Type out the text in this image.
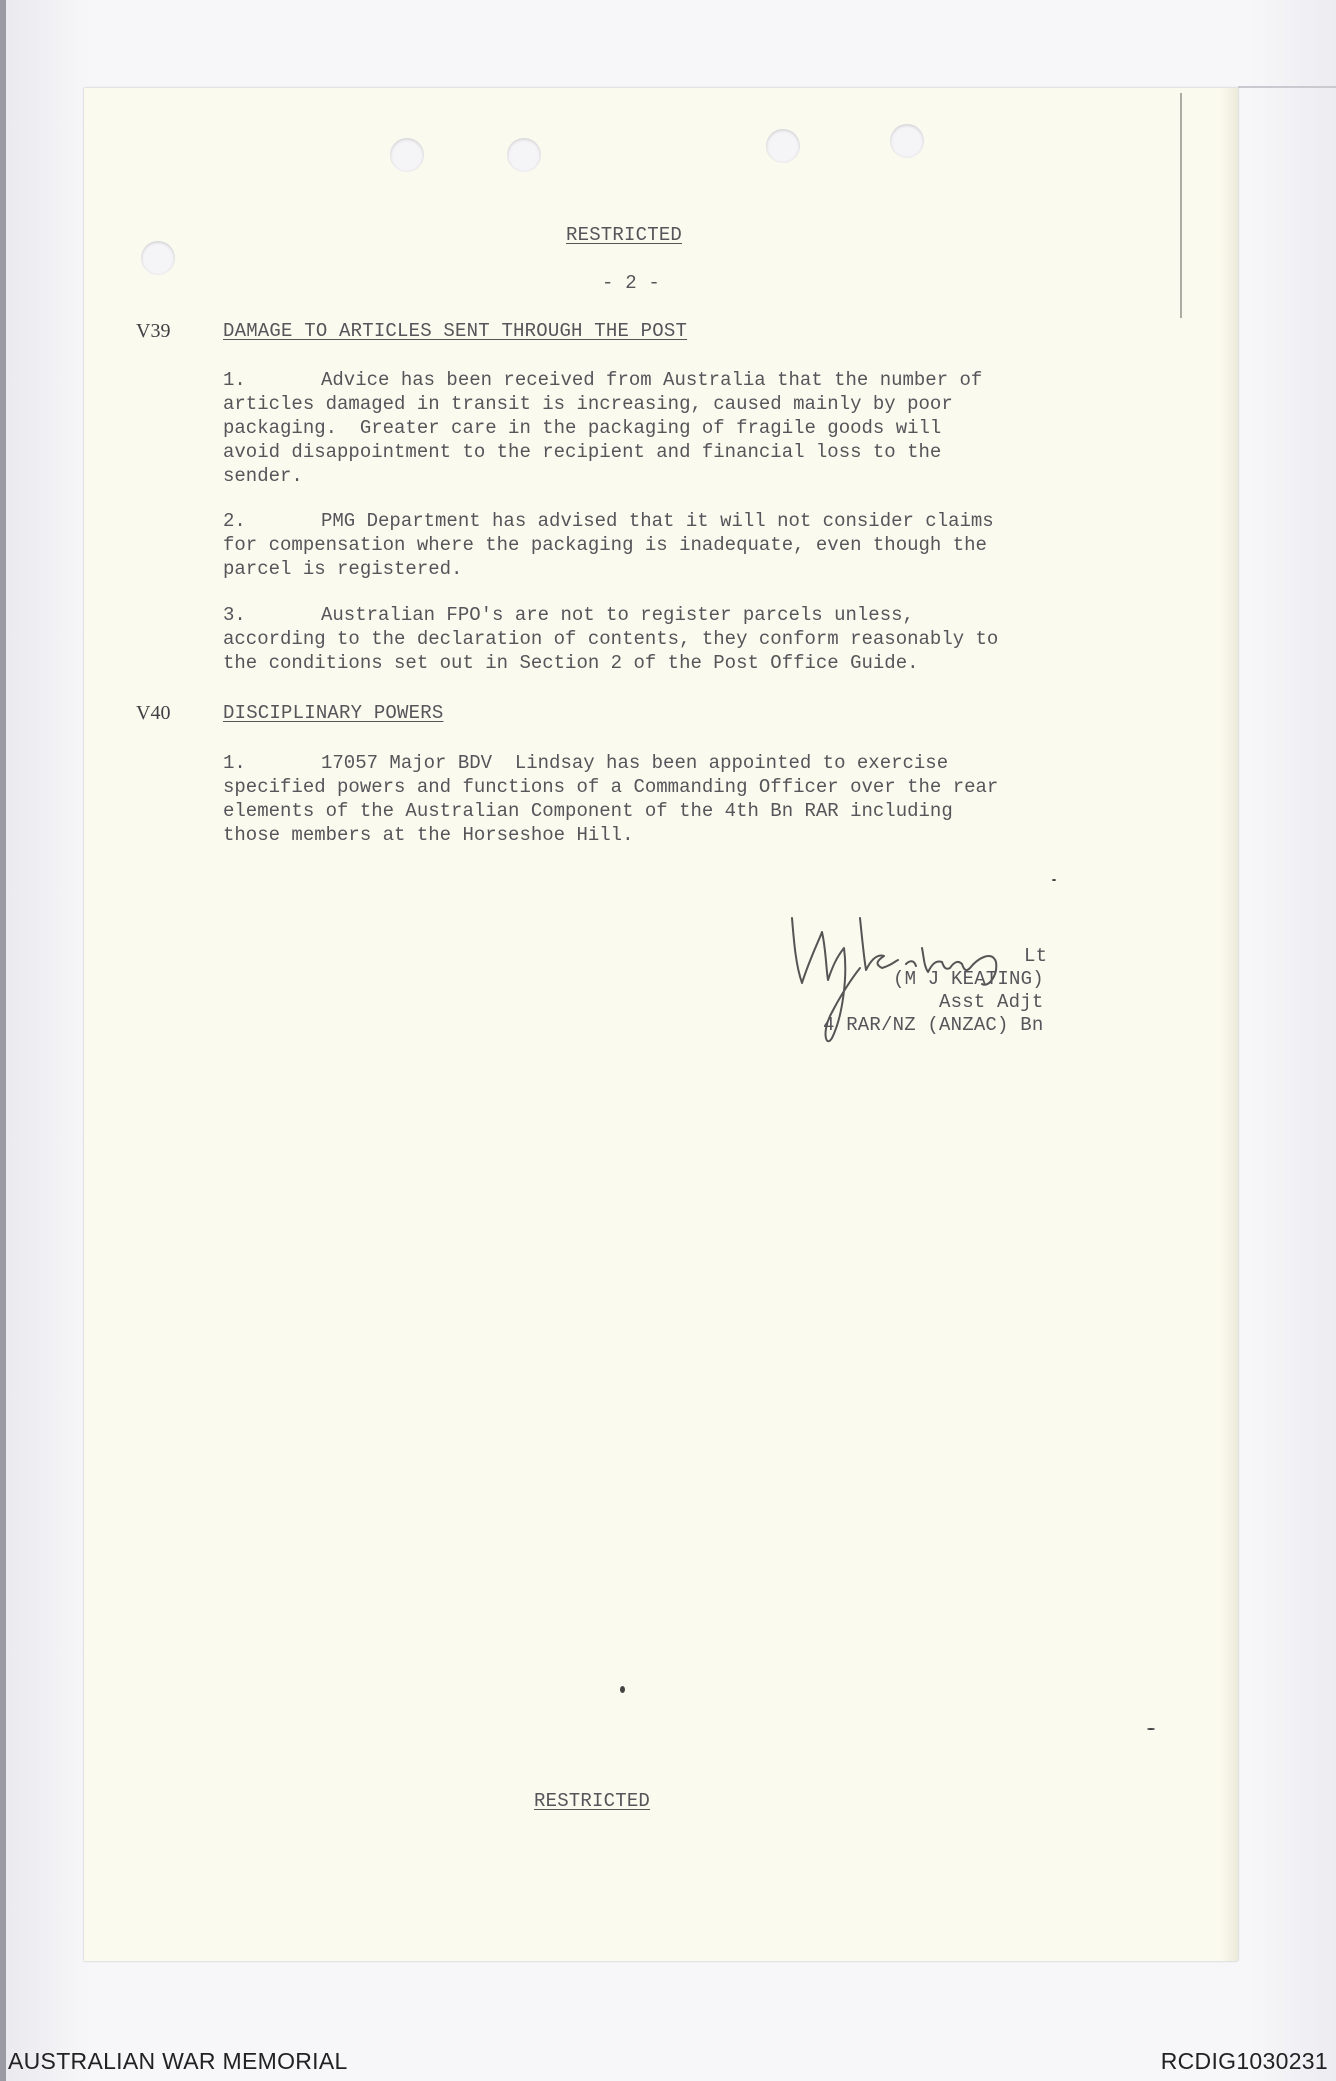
RESTRICTED
- 2 -
V39	DAMAGE TO ARTICLES SENT THROUGH THE POST
1.	Advice has been received from Australia that the number of
articles damaged in transit is increasing, caused mainly by poor
packaging.  Greater care in the packaging of fragile goods will
avoid disappointment to the recipient and financial loss to the
sender.
2.	PMG Department has advised that it will not consider claims
for compensation where the packaging is inadequate, even though the
parcel is registered.
3.	Australian FPO's are not to register parcels unless,
according to the declaration of contents, they conform reasonably to
the conditions set out in Section 2 of the Post Office Guide.
V40	DISCIPLINARY POWERS
1.	17057 Major BDV  Lindsay has been appointed to exercise
specified powers and functions of a Commanding Officer over the rear
elements of the Australian Component of the 4th Bn RAR including
those members at the Horseshoe Hill.
Lt
(M J KEATING)
Asst Adjt
4 RAR/NZ (ANZAC) Bn
RESTRICTED
AUSTRALIAN WAR MEMORIAL	RCDIG1030231
